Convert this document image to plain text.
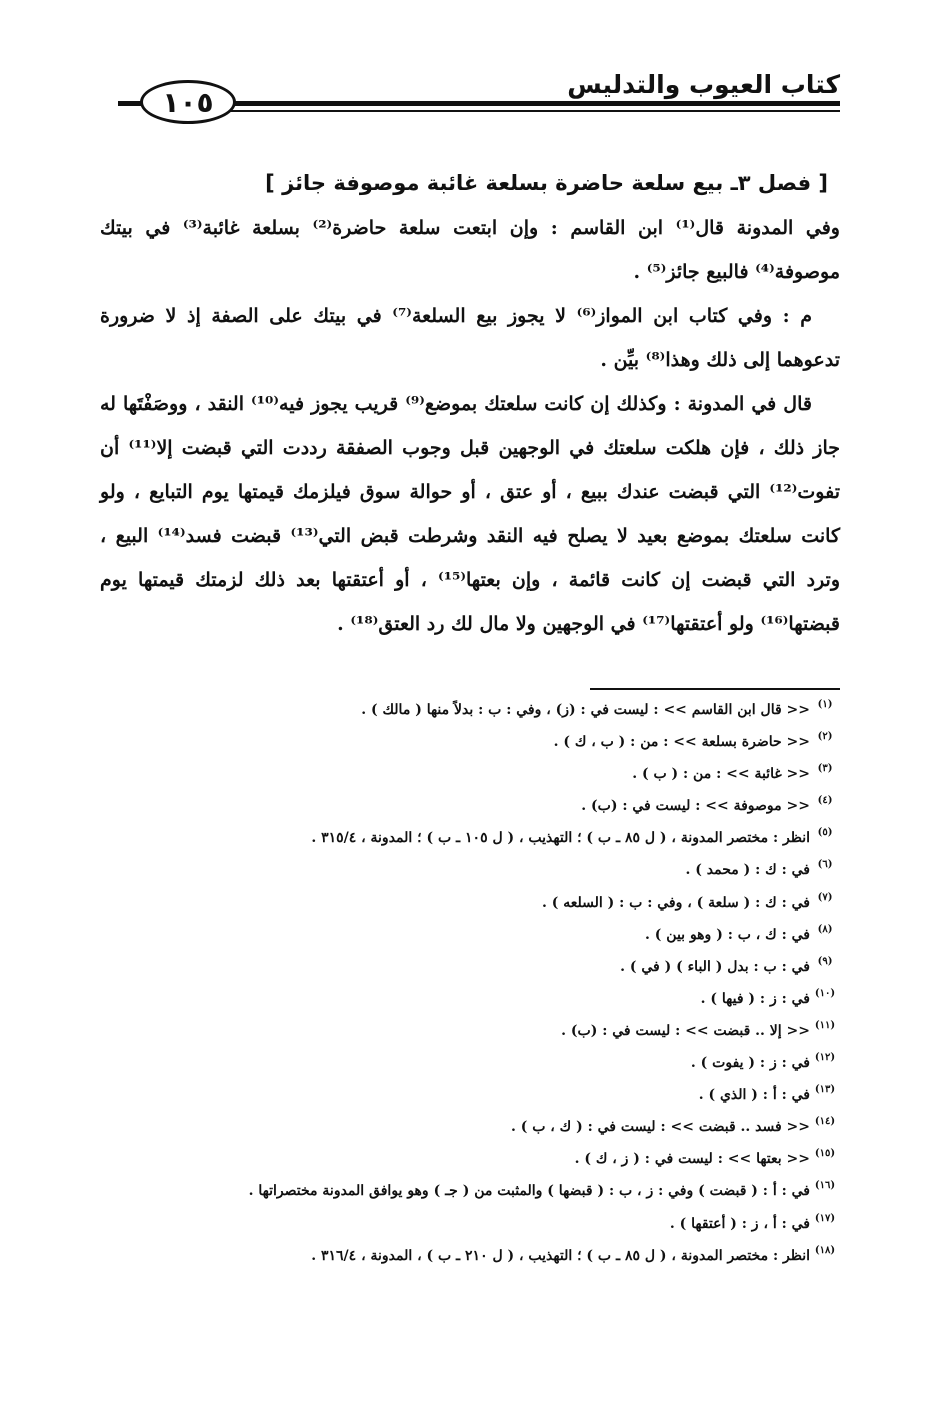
كتاب العيوب والتدليس
١٠٥

[ فصل ٣ـ بيع سلعة حاضرة بسلعة غائبة موصوفة جائز ]

وفي المدونة قال⁽¹⁾ ابن القاسم : وإن ابتعت سلعة حاضرة⁽²⁾ بسلعة غائبة⁽³⁾ في بيتك موصوفة⁽⁴⁾ فالبيع جائز⁽⁵⁾ .

م : وفي كتاب ابن المواز⁽⁶⁾ لا يجوز بيع السلعة⁽⁷⁾ في بيتك على الصفة إذ لا ضرورة تدعوهما إلى ذلك وهذا⁽⁸⁾ بيِّن .

قال في المدونة : وكذلك إن كانت سلعتك بموضع⁽⁹⁾ قريب يجوز فيه⁽¹⁰⁾ النقد ، ووصَفْتَها له جاز ذلك ، فإن هلكت سلعتك في الوجهين قبل وجوب الصفقة رددت التي قبضت إلا⁽¹¹⁾ أن تفوت⁽¹²⁾ التي قبضت عندك ببيع ، أو عتق ، أو حوالة سوق فيلزمك قيمتها يوم التبايع ، ولو كانت سلعتك بموضع بعيد لا يصلح فيه النقد وشرطت قبض التي⁽¹³⁾ قبضت فسد⁽¹⁴⁾ البيع ، وترد التي قبضت إن كانت قائمة ، وإن بعتها⁽¹⁵⁾ ، أو أعتقتها بعد ذلك لزمتك قيمتها يوم قبضتها⁽¹⁶⁾ ولو أعتقتها⁽¹⁷⁾ في الوجهين ولا مال لك رد العتق⁽¹⁸⁾ .

(١)
<< قال ابن القاسم >> : ليست في : (ز) ، وفي : ب : بدلاً منها ( مالك ) .
(٢)
<< حاضرة بسلعة >> : من : ( ب ، ك ) .
(٣)
<< غائبة >> : من : ( ب ) .
(٤)
<< موصوفة >> : ليست في : (ب) .
(٥)
انظر : مختصر المدونة ، ( ل ٨٥ ـ ب ) ؛ التهذيب ، ( ل ١٠٥ ـ ب ) ؛ المدونة ، ٣١٥/٤ .
(٦)
في : ك : ( محمد ) .
(٧)
في : ك : ( سلعة ) ، وفي : ب : ( السلعه ) .
(٨)
في : ك ، ب : ( وهو بين ) .
(٩)
في : ب : بدل ( الباء ) ( في ) .
(١٠)
في : ز : ( فيها ) .
(١١)
<< إلا .. قبضت >> : ليست في : (ب) .
(١٢)
في : ز : ( يفوت ) .
(١٣)
في : أ : ( الذي ) .
(١٤)
<< فسد .. قبضت >> : ليست في : ( ك ، ب ) .
(١٥)
<< بعتها >> : ليست في : ( ز ، ك ) .
(١٦)
في : أ : ( قبضت ) وفي : ز ، ب : ( قبضها ) والمثبت من ( جـ ) وهو يوافق المدونة مختصراتها .
(١٧)
في : أ ، ز : ( أعتقها ) .
(١٨)
انظر : مختصر المدونة ، ( ل ٨٥ ـ ب ) ؛ التهذيب ، ( ل ٢١٠ ـ ب ) ، المدونة ، ٣١٦/٤ .
